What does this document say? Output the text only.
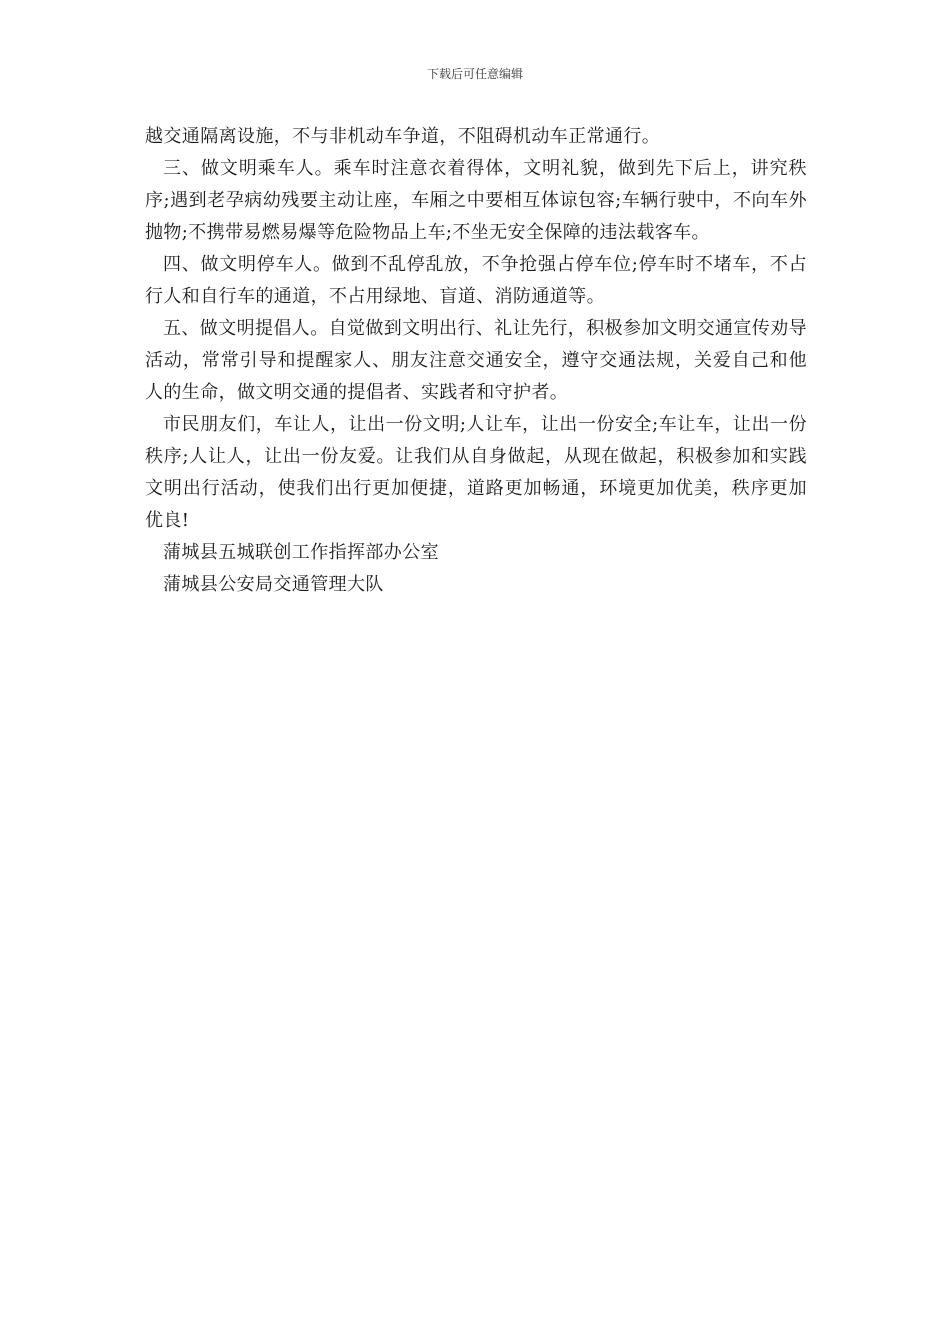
下载后可任意编辑

越交通隔离设施，不与非机动车争道，不阻碍机动车正常通行。

三、做文明乘车人。乘车时注意衣着得体，文明礼貌，做到先下后上，讲究秩序;遇到老孕病幼残要主动让座，车厢之中要相互体谅包容;车辆行驶中，不向车外抛物;不携带易燃易爆等危险物品上车;不坐无安全保障的违法载客车。

四、做文明停车人。做到不乱停乱放，不争抢强占停车位;停车时不堵车，不占行人和自行车的通道，不占用绿地、盲道、消防通道等。

五、做文明提倡人。自觉做到文明出行、礼让先行，积极参加文明交通宣传劝导活动，常常引导和提醒家人、朋友注意交通安全，遵守交通法规，关爱自己和他人的生命，做文明交通的提倡者、实践者和守护者。

市民朋友们，车让人，让出一份文明;人让车，让出一份安全;车让车，让出一份秩序;人让人，让出一份友爱。让我们从自身做起，从现在做起，积极参加和实践文明出行活动，使我们出行更加便捷，道路更加畅通，环境更加优美，秩序更加优良!

蒲城县五城联创工作指挥部办公室

蒲城县公安局交通管理大队
